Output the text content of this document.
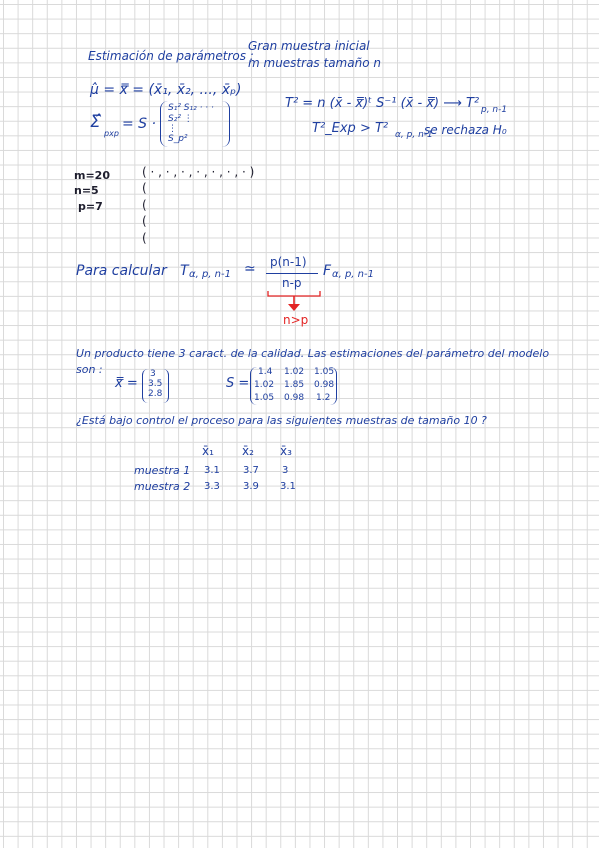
Estimación de parámetros :
Gran muestra inicial
m muestras tamaño n
μ̂ = x̿ = (x̄₁, x̄₂, ..., x̄ₚ)
Σ̂
pxp
= S ·
S₁² S₁₂ · · ·
S₂² ⋮
⋮
S_p²
T² = n (x̄ - x̿)ᵗ S⁻¹ (x̄ - x̿) ⟶ T² p, n-1
T²_Exp > T² α, p, n-1
se rechaza H₀
m=20
n=5
p=7
( · , · , · , · , · , · , · )
(
(
(
(
Para calcular T α, p, n-1 ≃ p(n-1)
n-p
F α, p, n-1
n>p
Un producto tiene 3 caract. de la calidad. Las estimaciones del parámetro del modelo
son :
x̿ =
3
3.5
2.8
S =
1.4 1.02 1.05
1.02 1.85 0.98
1.05 0.98 1.2
¿Está bajo control el proceso para las siguientes muestras de tamaño 10 ?
x̄₁ x̄₂ x̄₃
muestra 1 3.1 3.7 3
muestra 2 3.3 3.9 3.1
